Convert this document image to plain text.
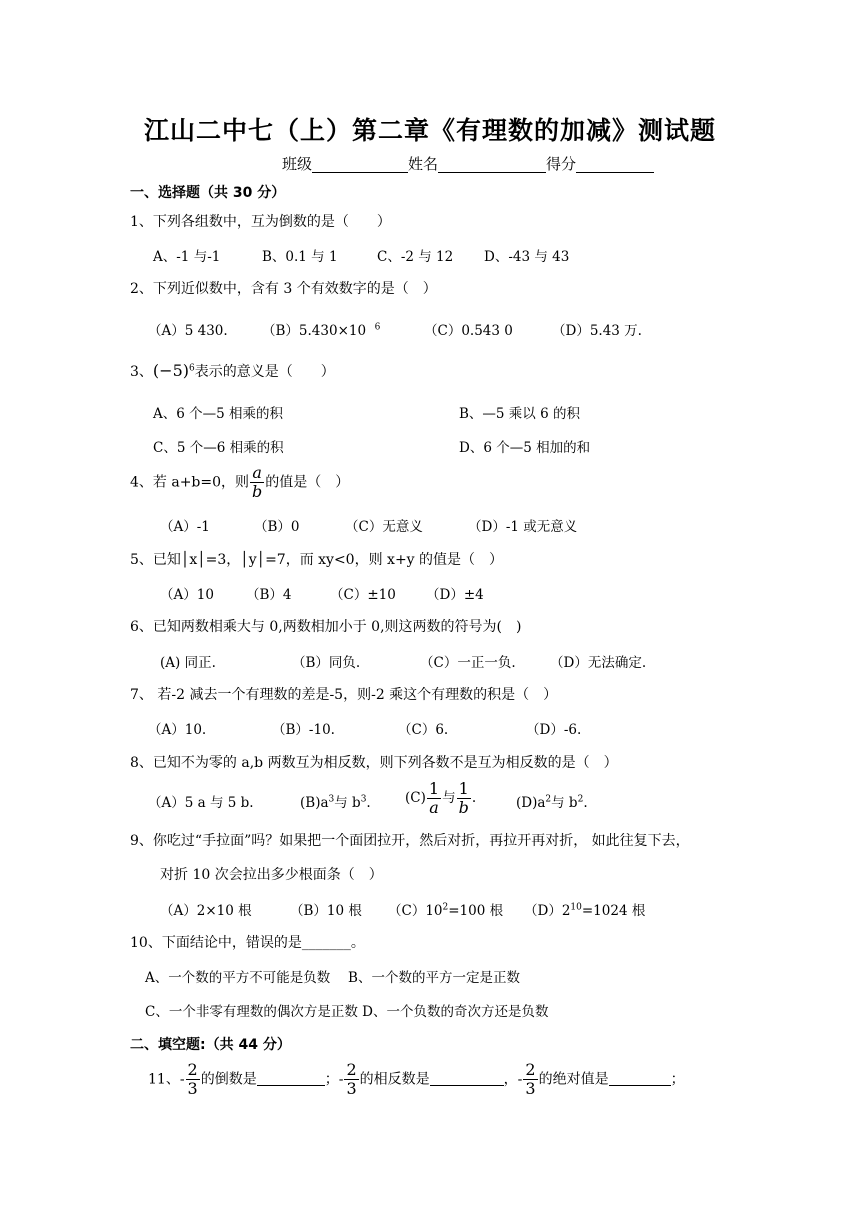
江山二中七（上）第二章《有理数的加减》测试题
班级	姓名	得分
一、选择题（共 30 分）
1、下列各组数中，互为倒数的是（　　）
A、-1 与-1	B、0.1 与 1	C、-2 与 12 D、-43 与 43
2、下列近似数中，含有 3 个有效数字的是（　）
（A）5 430.	（B）5.430×10 $^6$	（C）0.543 0	（D）5.43 万.
3、$(-5)^6$表示的意义是（　　）
A、6 个—5 相乘的积	B、—5 乘以 6 的积
C、5 个—6 相乘的积	D、6 个—5 相加的和
4、若 a+b=0，则 $\frac{a}{b}$ 的值是（　）
（A）-1	（B）0	（C）无意义	（D）-1 或无意义
5、已知│x│=3，│y│=7，而 xy<0，则 x+y 的值是（　）
（A）10 （B）4	（C）±10 （D）±4
6、已知两数相乘大与 0,两数相加小于 0,则这两数的符号为(　)
(A) 同正.	（B）同负.	（C）一正一负.	（D）无法确定.
7、 若-2 减去一个有理数的差是-5，则-2 乘这个有理数的积是（　）
（A）10.	（B）-10.	（C）6.	（D）-6.
8、已知不为零的 a,b 两数互为相反数，则下列各数不是互为相反数的是（　）
（A）5 a 与 5 b.	$(B)a^3$与 $b^3$.	$(C) \frac{1}{a}$ 与 $\frac{1}{b}$ .	$(D)a^2$与 $b^2$.
9、你吃过“手拉面”吗？如果把一个面团拉开，然后对折，再拉开再对折， 如此往复下去，
对折 10 次会拉出多少根面条（　）
（A）2×10 根	（B）10 根 $(C)10^2=100$ 根 $(D)2^{10}=1024$ 根
10、下面结论中，错误的是_______。
A、一个数的平方不可能是负数　 B、一个数的平方一定是正数
C、一个非零有理数的偶次方是正数 D、一个负数的奇次方还是负数
二、填空题:（共 44 分）
11、- $\frac{2}{3}$ 的倒数是	；- $\frac{2}{3}$ 的相反数是	，- $\frac{2}{3}$ 的绝对值是	；
